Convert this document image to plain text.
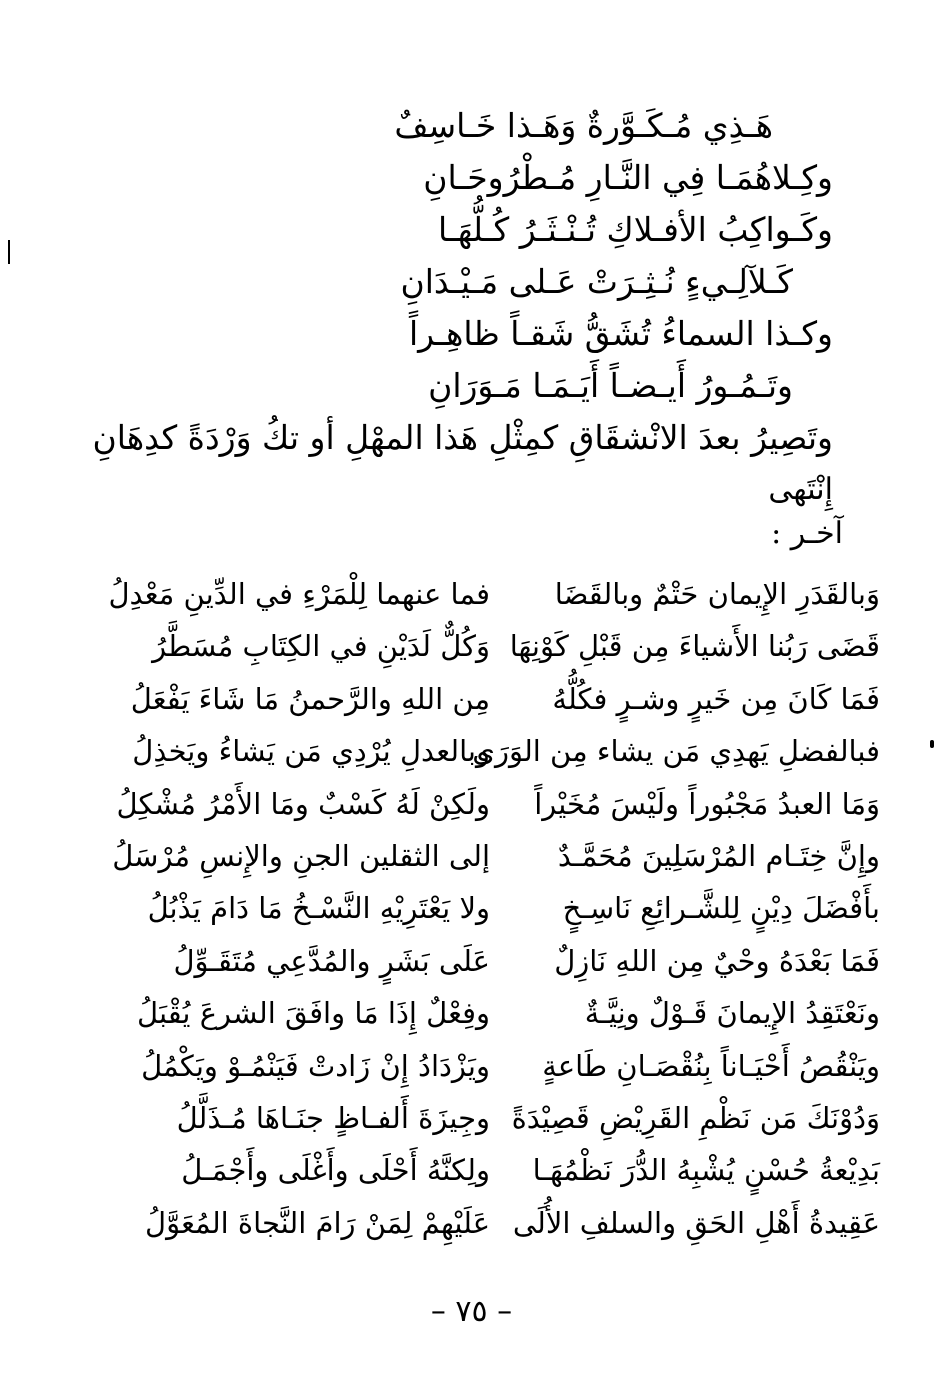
هَـذِي مُـكَـوَّرةٌ وَهَـذا خَـاسِفٌ
وكِـلاهُمَـا فِي النَّـارِ مُـطْرُوحَـانِ
وكَـواكِبُ الأفـلاكِ تُـنْـثَـرُ كُـلُّهَـا
كَـلآلِـيءٍ نُـثِـرَتْ عَـلى مَـيْـدَانِ
وكـذا السماءُ تُشَقُّ شَقـاً ظاهِـراً
وتَـمُـورُ أَيـضـاً أَيَـمَـا مَـوَرَانِ
وتَصِيرُ بعدَ الانْشقَاقِ كمِثْلِ هَذا المهْلِ أو تكُ وَرْدَةً كدِهَانِ
إِنْتَهى
آخـر :
وَبالقَدَرِ الإِيمان حَتْمٌ وبالقَضَا
فما عنهما لِلْمَرْءِ في الدِّينِ مَعْدِلُ
قَضَى رَبُنا الأَشياءَ مِن قَبْلِ كَوْنِهَا
وَكُلٌّ لَدَيْنِ في الكِتَابِ مُسَطَّرُ
فَمَا كَانَ مِن خَيرٍ وشـرٍ فكُلُّهُ
مِن اللهِ والرَّحمنُ مَا شَاءَ يَفْعَلُ
فبالفضلِ يَهدِي مَن يشاء مِن الوَرَى
وبالعدلِ يُرْدِي مَن يَشاءُ ويَخذِلُ
وَمَا العبدُ مَجْبُوراً ولَيْسَ مُخَيْراً
ولَكِنْ لَهُ كَسْبٌ ومَا الأَمْرُ مُشْكِلُ
وإِنَّ خِتَـام المُرْسَلِينَ مُحَمَّـدٌ
إلى الثقلين الجنِ والإِنسِ مُرْسَلُ
بأَفْضَلَ دِيْنٍ لِلشَّـرائِعِ نَاسِـخٍ
ولا يَعْتَرِيْهِ النَّسْـخُ مَا دَامَ يَذْبُلُ
فَمَا بَعْدَهُ وحْيٌ مِن اللهِ نَازِلٌ
عَلَى بَشَرٍ والمُدَّعِي مُتَقَـوِّلُ
ونَعْتَقِدُ الإِيمانَ قَـوْلٌ ونِيَّـةٌ
وفِعْلٌ إِذَا مَا وافَقَ الشرعَ يُقْبَلُ
ويَنْقُصُ أَحْيَـاناً بِنُقْصَـانِ طَاعةٍ
ويَزْدَادُ إِنْ زَادتْ فَيَنْمُـوْ ويَكْمُلُ
وَدُوْنَكَ مَن نَظْمِ القَرِيْضِ قَصِيْدَةً
وجِيزَةَ أَلفـاظٍ جنَـاهَا مُـذَلَّلُ
بَدِيْعةُ حُسْنٍ يُشْبِهُ الدُّرَ نَظْمُهَـا
ولِكنَّهُ أَحْلَى وأَغْلَى وأَجْمَـلُ
عَقِيدةُ أَهْلِ الحَقِ والسلفِ الأُلَى
عَلَيْهِمْ لِمَنْ رَامَ النَّجاةَ المُعَوَّلُ
– ٧٥ –
